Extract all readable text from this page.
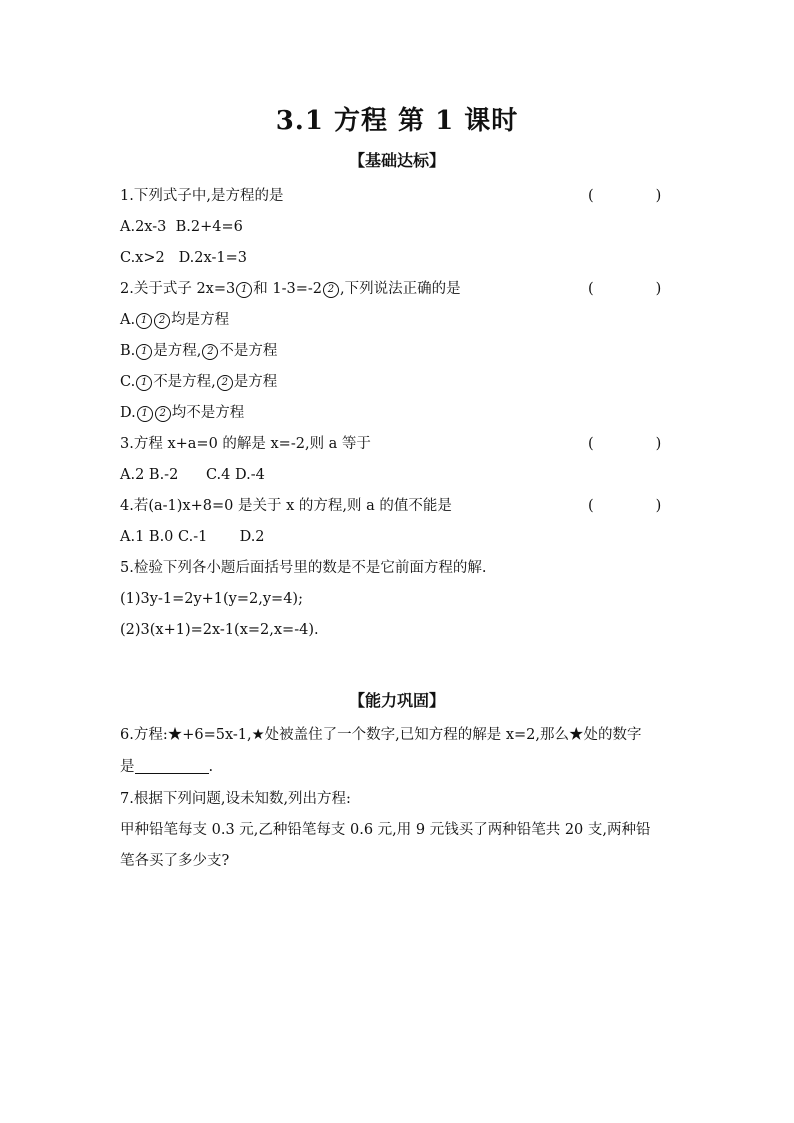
3.1 方程 第 1 课时
【基础达标】
1.下列式子中,是方程的是	(	)
A.2x-3 B.2+4=6
C.x>2 D.2x-1=3
2.关于式子 2x=3 1 和 1-3=-2 2 ,下列说法正确的是	(	)
A. 1 2 均是方程
B. 1 是方程, 2 不是方程
C. 1 不是方程, 2 是方程
D. 1 2 均不是方程
3.方程 x+a=0 的解是 x=-2,则 a 等于	(	)
A.2 B.-2 C.4 D.-4
4.若(a-1)x+8=0 是关于 x 的方程,则 a 的值不能是	(	)
A.1 B.0 C.-1 D.2
5.检验下列各小题后面括号里的数是不是它前面方程的解.
(1)3y-1=2y+1(y=2,y=4);
(2)3(x+1)=2x-1(x=2,x=-4).
【能力巩固】
6.方程:★+6=5x-1,★处被盖住了一个数字,已知方程的解是 x=2,那么★处的数字
是	.
7.根据下列问题,设未知数,列出方程:
甲种铅笔每支 0.3 元,乙种铅笔每支 0.6 元,用 9 元钱买了两种铅笔共 20 支,两种铅
笔各买了多少支?
